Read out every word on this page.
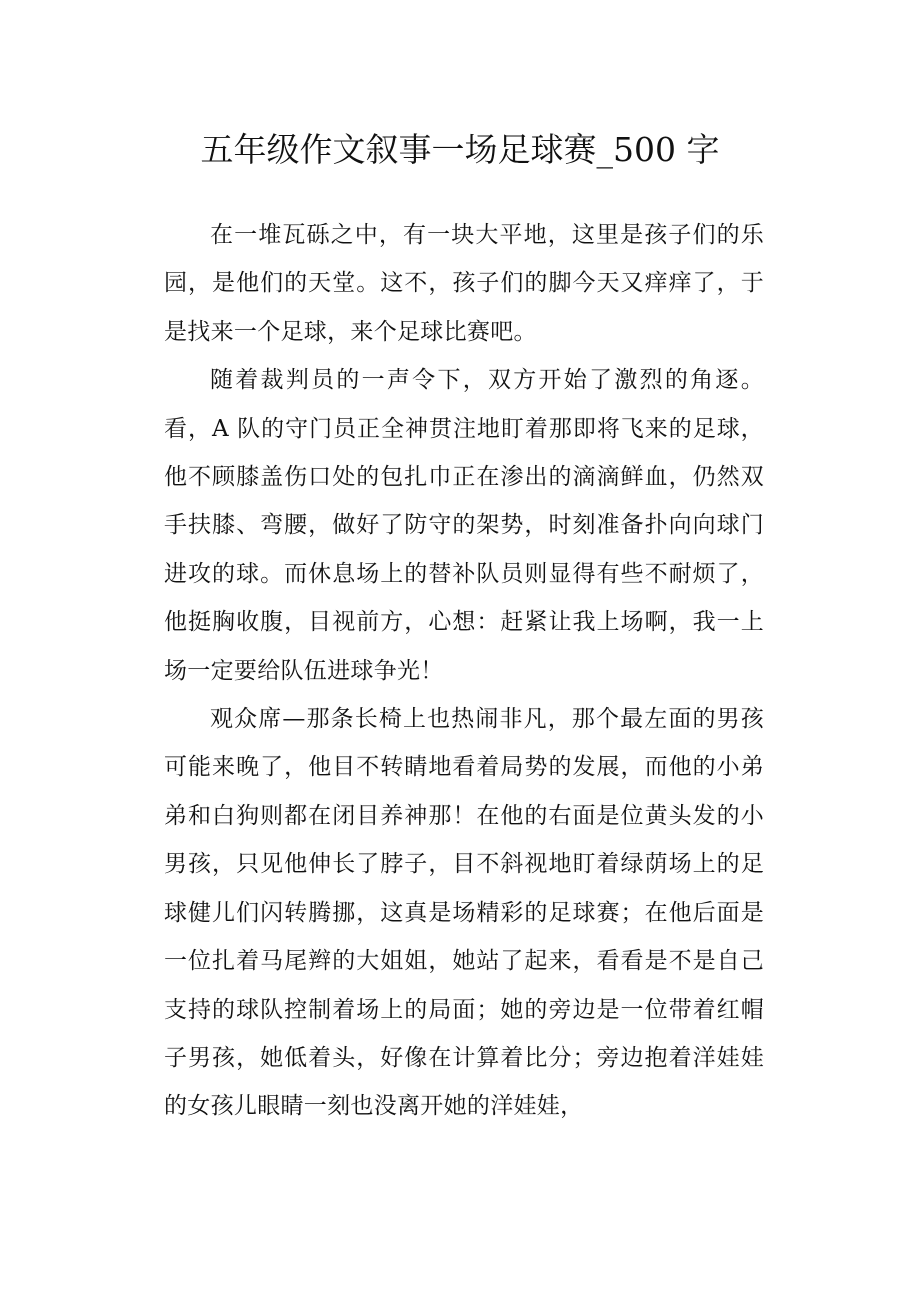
五年级作文叙事一场足球赛_500 字

在一堆瓦砾之中，有一块大平地，这里是孩子们的乐园，是他们的天堂。这不，孩子们的脚今天又痒痒了，于是找来一个足球，来个足球比赛吧。

随着裁判员的一声令下，双方开始了激烈的角逐。看，A 队的守门员正全神贯注地盯着那即将飞来的足球，他不顾膝盖伤口处的包扎巾正在渗出的滴滴鲜血，仍然双手扶膝、弯腰，做好了防守的架势，时刻准备扑向向球门进攻的球。而休息场上的替补队员则显得有些不耐烦了，他挺胸收腹，目视前方，心想：赶紧让我上场啊，我一上场一定要给队伍进球争光！

观众席—那条长椅上也热闹非凡，那个最左面的男孩可能来晚了，他目不转睛地看着局势的发展，而他的小弟弟和白狗则都在闭目养神那！在他的右面是位黄头发的小男孩，只见他伸长了脖子，目不斜视地盯着绿荫场上的足球健儿们闪转腾挪，这真是场精彩的足球赛；在他后面是一位扎着马尾辫的大姐姐，她站了起来，看看是不是自己支持的球队控制着场上的局面；她的旁边是一位带着红帽子男孩，她低着头，好像在计算着比分；旁边抱着洋娃娃的女孩儿眼睛一刻也没离开她的洋娃娃，
